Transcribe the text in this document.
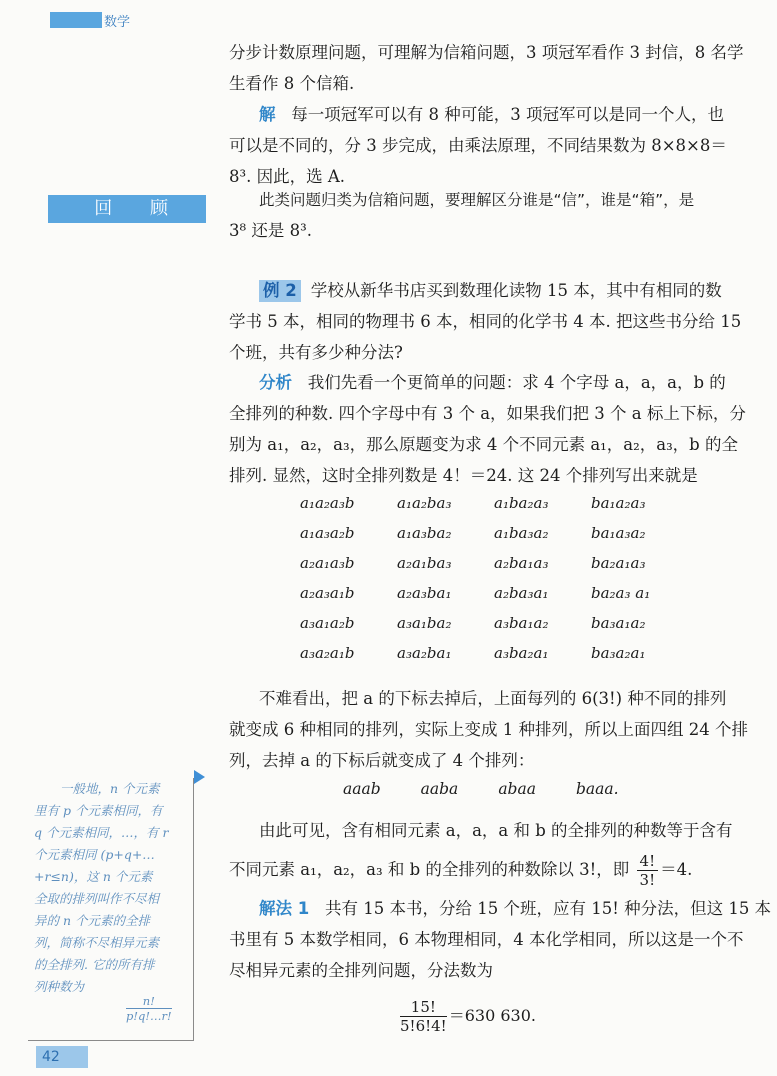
数学
分步计数原理问题，可理解为信箱问题，3 项冠军看作 3 封信，8 名学
生看作 8 个信箱.
解 每一项冠军可以有 8 种可能，3 项冠军可以是同一个人，也
可以是不同的，分 3 步完成，由乘法原理，不同结果数为 8×8×8＝
8³. 因此，选 A.
回 顾	此类问题归类为信箱问题，要理解区分谁是“信”，谁是“箱”，是
3⁸ 还是 8³.
例 2 学校从新华书店买到数理化读物 15 本，其中有相同的数
学书 5 本，相同的物理书 6 本，相同的化学书 4 本. 把这些书分给 15
个班，共有多少种分法?
分析 我们先看一个更简单的问题：求 4 个字母 a，a，a，b 的
全排列的种数. 四个字母中有 3 个 a，如果我们把 3 个 a 标上下标，分
别为 a₁，a₂，a₃，那么原题变为求 4 个不同元素 a₁，a₂，a₃，b 的全
排列. 显然，这时全排列数是 4！＝24. 这 24 个排列写出来就是
a₁a₂a₃b	a₁a₂ba₃	a₁ba₂a₃	ba₁a₂a₃
a₁a₃a₂b	a₁a₃ba₂	a₁ba₃a₂	ba₁a₃a₂
a₂a₁a₃b	a₂a₁ba₃	a₂ba₁a₃	ba₂a₁a₃
a₂a₃a₁b	a₂a₃ba₁	a₂ba₃a₁	ba₂a₃ a₁
a₃a₁a₂b	a₃a₁ba₂	a₃ba₁a₂	ba₃a₁a₂
a₃a₂a₁b	a₃a₂ba₁	a₃ba₂a₁	ba₃a₂a₁
不难看出，把 a 的下标去掉后，上面每列的 6(3!) 种不同的排列
就变成 6 种相同的排列，实际上变成 1 种排列，所以上面四组 24 个排
列，去掉 a 的下标后就变成了 4 个排列：
aaab	aaba	abaa	baaa.
由此可见，含有相同元素 a，a，a 和 b 的全排列的种数等于含有
不同元素 a₁，a₂，a₃ 和 b 的全排列的种数除以 3!，即 $\frac{4!}{3!} =4$.
解法 1 共有 15 本书，分给 15 个班，应有 15! 种分法，但这 15 本
书里有 5 本数学相同，6 本物理相同，4 本化学相同，所以这是一个不
尽相异元素的全排列问题，分法数为
$\frac{15!}{5!6!4!} =630$ 630.
一般地，n 个元素
里有 p 个元素相同，有
q 个元素相同，…，有 r
个元素相同 (p+q+…
+r≤n)，这 n 个元素
全取的排列叫作不尽相
异的 n 个元素的全排
列，简称不尽相异元素
的全排列. 它的所有排
列种数为
$\frac{n!}{p!q!\dots r!}$
42
